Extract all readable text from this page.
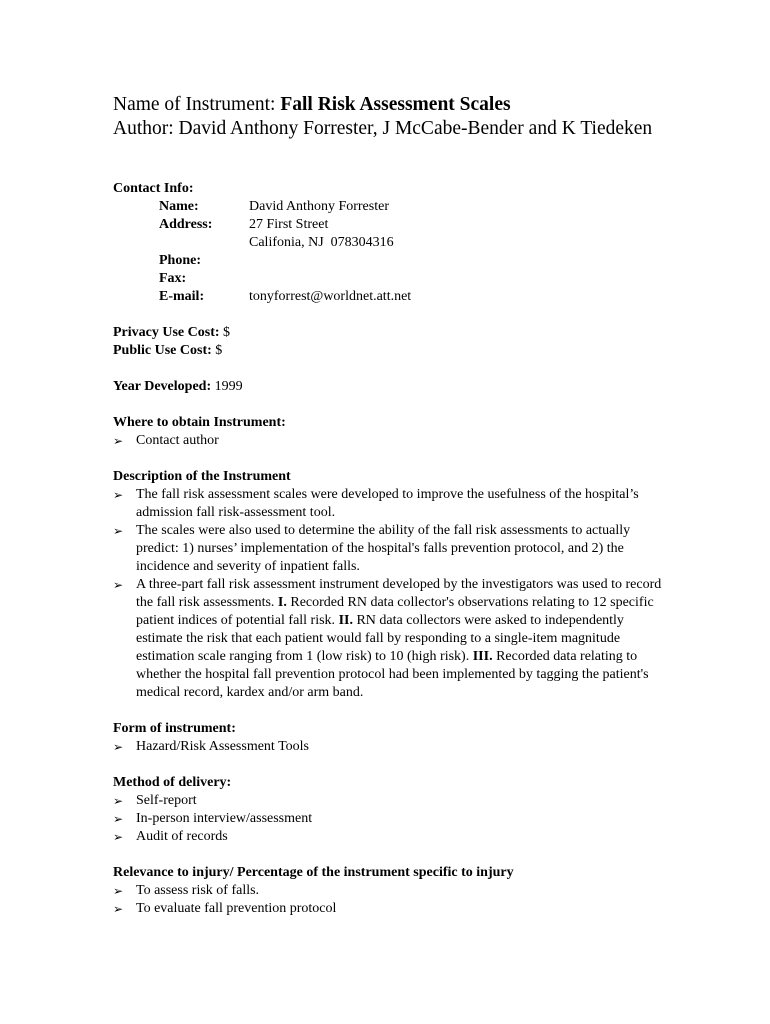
Name of Instrument: Fall Risk Assessment Scales
Author: David Anthony Forrester, J McCabe-Bender and K Tiedeken
Contact Info:
Name:	David Anthony Forrester
Address:	27 First Street
Califonia, NJ  078304316

Phone:	
Fax:	
E-mail:	tonyforrest@worldnet.att.net
Privacy Use Cost: $
Public Use Cost: $
Year Developed: 1999
Where to obtain Instrument:
➢ Contact author
Description of the Instrument
➢ The fall risk assessment scales were developed to improve the usefulness of the hospital’s admission fall risk-assessment tool.
➢ The scales were also used to determine the ability of the fall risk assessments to actually predict: 1) nurses’ implementation of the hospital's falls prevention protocol, and 2) the incidence and severity of inpatient falls.
➢ A three-part fall risk assessment instrument developed by the investigators was used to record the fall risk assessments. I. Recorded RN data collector's observations relating to 12 specific patient indices of potential fall risk. II. RN data collectors were asked to independently estimate the risk that each patient would fall by responding to a single-item magnitude estimation scale ranging from 1 (low risk) to 10 (high risk). III. Recorded data relating to whether the hospital fall prevention protocol had been implemented by tagging the patient's medical record, kardex and/or arm band.
Form of instrument:
➢ Hazard/Risk Assessment Tools
Method of delivery:
➢ Self-report
➢ In-person interview/assessment
➢ Audit of records
Relevance to injury/ Percentage of the instrument specific to injury
➢ To assess risk of falls.
➢ To evaluate fall prevention protocol
